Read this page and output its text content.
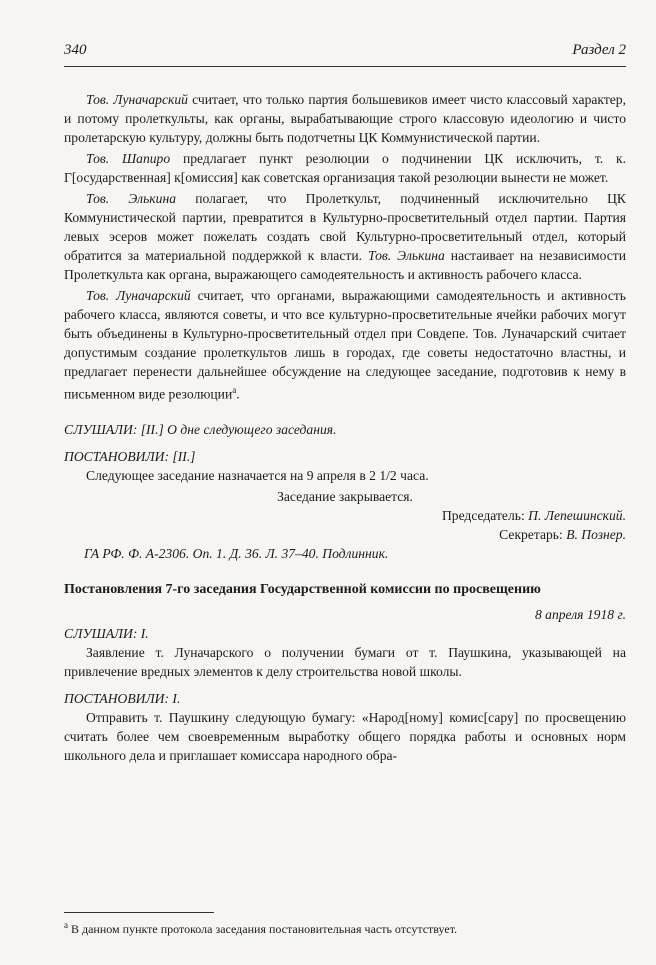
340	Раздел 2

Тов. Луначарский считает, что только партия большевиков имеет чисто классовый характер, и потому пролеткульты, как органы, вырабатывающие строго классовую идеологию и чисто пролетарскую культуру, должны быть подотчетны ЦК Коммунистической партии.

Тов. Шапиро предлагает пункт резолюции о подчинении ЦК исключить, т. к. Г[осударственная] к[омиссия] как советская организация такой резолюции вынести не может.

Тов. Элькина полагает, что Пролеткульт, подчиненный исключительно ЦК Коммунистической партии, превратится в Культурно-просветительный отдел партии. Партия левых эсеров может пожелать создать свой Культурно-просветительный отдел, который обратится за материальной поддержкой к власти. Тов. Элькина настаивает на независимости Пролеткульта как органа, выражающего самодеятельность и активность рабочего класса.

Тов. Луначарский считает, что органами, выражающими самодеятельность и активность рабочего класса, являются советы, и что все культурно-просветительные ячейки рабочих могут быть объединены в Культурно-просветительный отдел при Совдепе. Тов. Луначарский считает допустимым создание пролеткультов лишь в городах, где советы недостаточно властны, и предлагает перенести дальнейшее обсуждение на следующее заседание, подготовив к нему в письменном виде резолюции$^а$.

СЛУШАЛИ: [II.] О дне следующего заседания.

ПОСТАНОВИЛИ: [II.]

Следующее заседание назначается на 9 апреля в 2 1/2 часа.

Заседание закрывается.

Председатель: П. Лепешинский.

Секретарь: В. Познер.

ГА РФ. Ф. А-2306. Оп. 1. Д. 36. Л. 37–40. Подлинник.

Постановления 7-го заседания Государственной комиссии по просвещению

8 апреля 1918 г.

СЛУШАЛИ: I.

Заявление т. Луначарского о получении бумаги от т. Паушкина, указывающей на привлечение вредных элементов к делу строительства новой школы.

ПОСТАНОВИЛИ: I.

Отправить т. Паушкину следующую бумагу: «Народ[ному] комис[сару] по просвещению считать более чем своевременным выработку общего порядка работы и основных норм школьного дела и приглашает комиссара народного обра-

$^а$ В данном пункте протокола заседания постановительная часть отсутствует.
